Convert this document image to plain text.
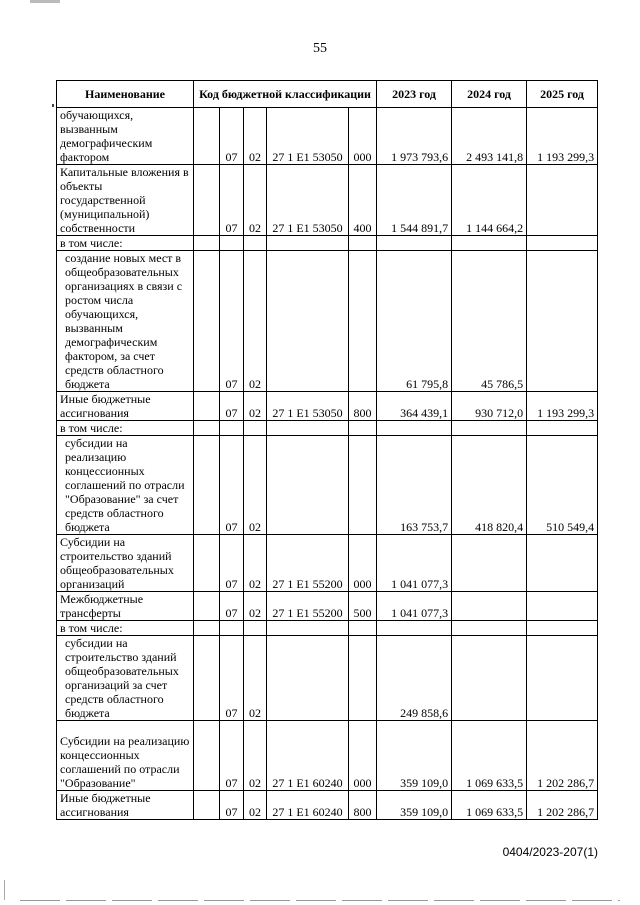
55
Наименование	Код бюджетной классификации					2023 год	2024 год	2025 год
обучающихся, вызванным демографическим фактором		07	02	27 1 Е1 53050	000	1 973 793,6	2 493 141,8	1 193 299,3
Капитальные вложения в объекты государственной (муниципальной) собственности		07	02	27 1 Е1 53050	400	1 544 891,7	1 144 664,2	
в том числе:								
создание новых мест в общеобразовательных организациях в связи с ростом числа обучающихся, вызванным демографическим фактором, за счет средств областного бюджета		07	02			61 795,8	45 786,5	
Иные бюджетные ассигнования		07	02	27 1 Е1 53050	800	364 439,1	930 712,0	1 193 299,3
в том числе:								
субсидии на реализацию концессионных соглашений по отрасли "Образование" за счет средств областного бюджета		07	02			163 753,7	418 820,4	510 549,4
Субсидии на строительство зданий общеобразовательных организаций		07	02	27 1 Е1 55200	000	1 041 077,3		
Межбюджетные трансферты		07	02	27 1 Е1 55200	500	1 041 077,3		
в том числе:								
субсидии на строительство зданий общеобразовательных организаций за счет средств областного бюджета		07	02			249 858,6		
Субсидии на реализацию концессионных соглашений по отрасли "Образование"		07	02	27 1 Е1 60240	000	359 109,0	1 069 633,5	1 202 286,7
Иные бюджетные ассигнования		07	02	27 1 Е1 60240	800	359 109,0	1 069 633,5	1 202 286,7
0404/2023-207(1)
